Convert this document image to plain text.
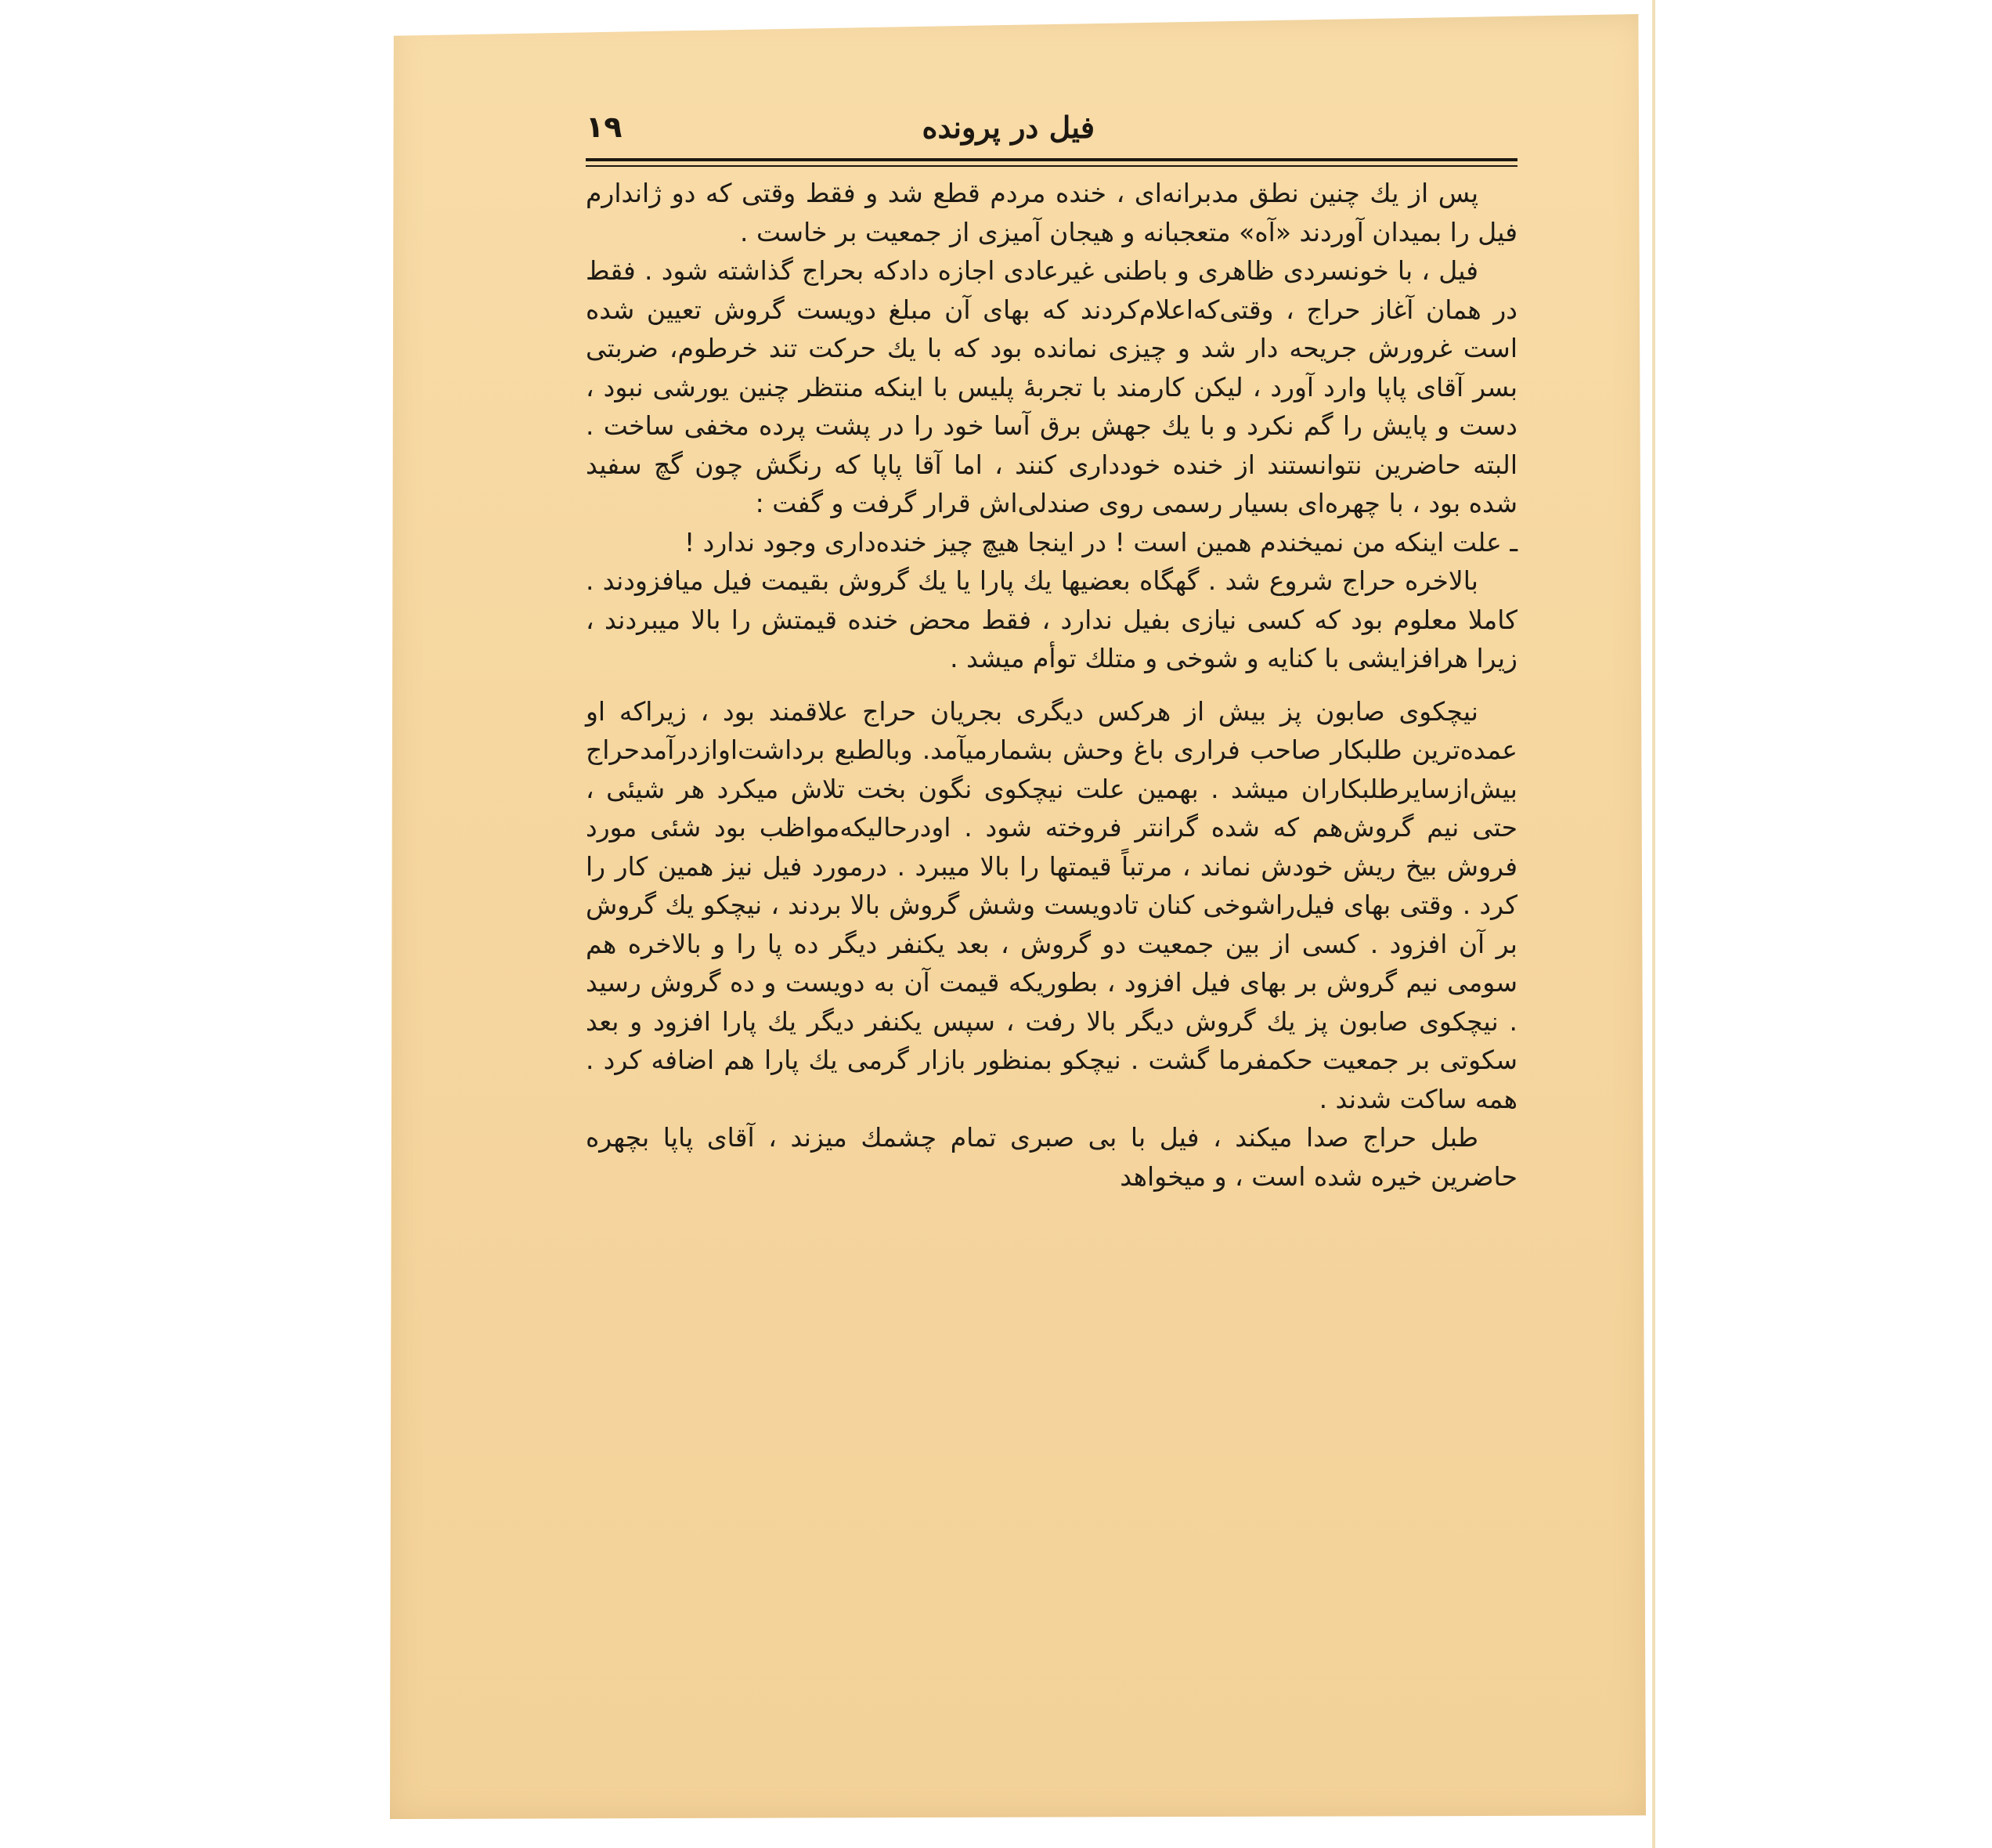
فیل در پرونده
۱۹

پس از یك چنین نطق مدبرانه‌ای ، خنده مردم قطع شد و فقط وقتی که دو ژاندارم فیل را بمیدان آوردند «آه» متعجبانه و هیجان آمیزی از جمعیت بر خاست .

فیل ، با خونسردی ظاهری و باطنی غیرعادی اجازه دادکه بحراج گذاشته شود . فقط در همان آغاز حراج ، وقتی‌که‌اعلام‌کردند که بهای آن مبلغ دویست گروش تعیین شده است غرورش جریحه دار شد و چیزی نمانده بود که با یك حرکت تند خرطوم، ضربتی بسر آقای پاپا وارد آورد ، لیکن کارمند با تجربهٔ پلیس با اینکه منتظر چنین یورشی نبود ، دست و پایش را گم نکرد و با یك جهش برق آسا خود را در پشت پرده مخفی ساخت . البته حاضرین نتوانستند از خنده خودداری کنند ، اما آقا پاپا که رنگش چون گچ سفید شده بود ، با چهره‌ای بسیار رسمی روی صندلی‌اش قرار گرفت و گفت :

ـ علت اینکه من نمیخندم همین است ! در اینجا هیچ چیز خنده‌داری وجود ندارد !

بالاخره حراج شروع شد . گهگاه بعضیها یك پارا یا یك گروش بقیمت فیل میافزودند . کاملا معلوم بود که کسی نیازی بفیل ندارد ، فقط محض خنده قیمتش را بالا میبردند ، زیرا هرافزایشی با کنایه و شوخی و متلك توأم میشد .

نیچکوی صابون پز بیش از هرکس دیگری بجریان حراج علاقمند بود ، زیراکه او عمده‌ترین طلبکار صاحب فراری باغ وحش بشمارمیآمد. وبالطبع برداشت‌اوازدرآمدحراج بیش‌ازسایرطلبکاران میشد . بهمین علت نیچکوی نگون بخت تلاش میکرد هر شیئی ، حتی نیم گروش‌هم که شده گرانتر فروخته شود . اودرحالیکه‌مواظب بود شئی مورد فروش بیخ ریش خودش نماند ، مرتباً قیمتها را بالا میبرد . درمورد فیل نیز همین کار را کرد . وقتی بهای فیل‌راشوخی کنان تادویست وشش گروش بالا بردند ، نیچکو یك گروش بر آن افزود . کسی از بین جمعیت دو گروش ، بعد یکنفر دیگر ده پا را و بالاخره هم سومی نیم گروش بر بهای فیل افزود ، بطوریکه قیمت آن به دویست و ده گروش رسید . نیچکوی صابون پز یك گروش دیگر بالا رفت ، سپس یکنفر دیگر یك پارا افزود و بعد سکوتی بر جمعیت حکمفرما گشت . نیچکو بمنظور بازار گرمی یك پارا هم اضافه کرد . همه ساکت شدند .

طبل حراج صدا میکند ، فیل با بی صبری تمام چشمك میزند ، آقای پاپا بچهره حاضرین خیره شده است ، و میخواهد
